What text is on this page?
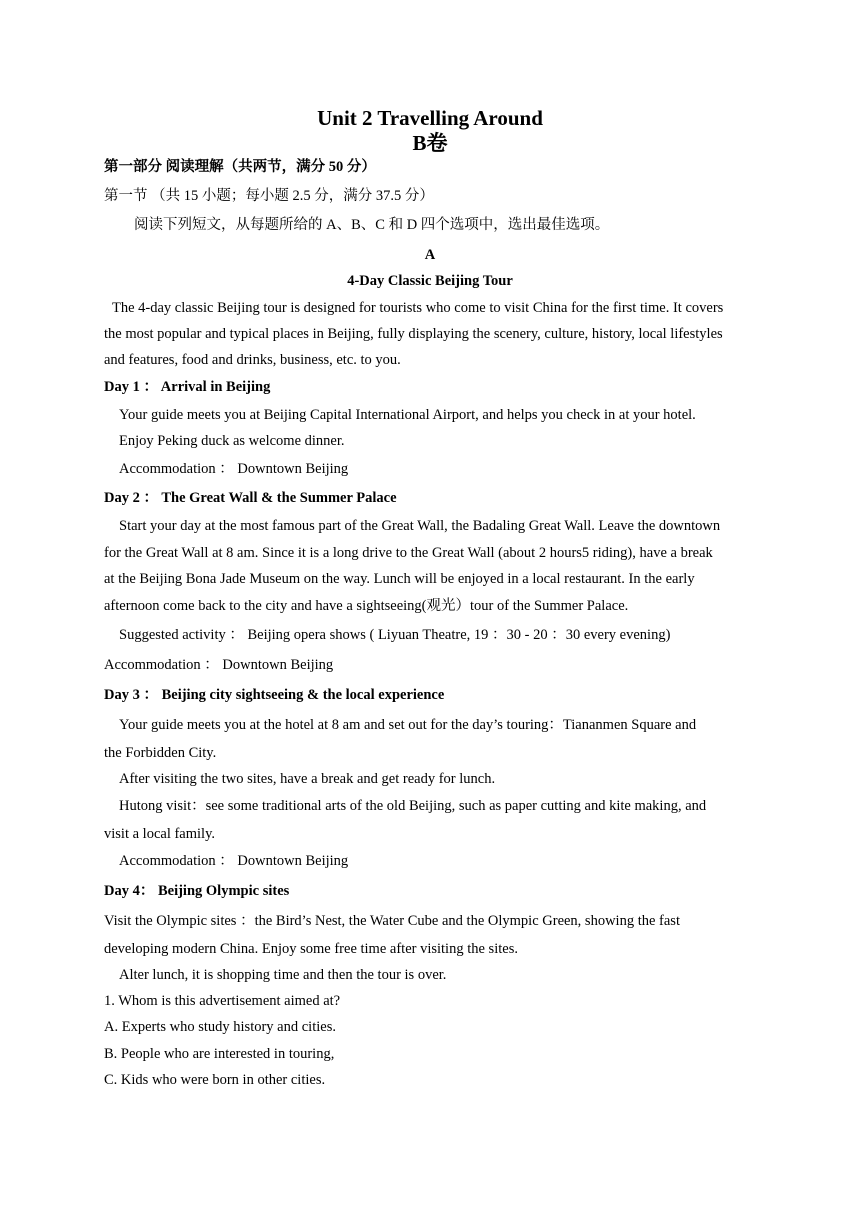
Unit 2 Travelling Around
B卷
第一部分 阅读理解（共两节，满分 50 分）
第一节 （共 15 小题；每小题 2.5 分，满分 37.5 分）
阅读下列短文，从每题所给的 A、B、C 和 D 四个选项中，选出最佳选项。
A
4-Day Classic Beijing Tour
The 4-day classic Beijing tour is designed for tourists who come to visit China for the first time. It covers
the most popular and typical places in Beijing, fully displaying the scenery, culture, history, local lifestyles
and features, food and drinks, business, etc. to you.
Day 1 ： Arrival in Beijing
Your guide meets you at Beijing Capital International Airport, and helps you check in at your hotel.
Enjoy Peking duck as welcome dinner.
Accommodation ： Downtown Beijing
Day 2 ： The Great Wall & the Summer Palace
Start your day at the most famous part of the Great Wall, the Badaling Great Wall. Leave the downtown
for the Great Wall at 8 am. Since it is a long drive to the Great Wall (about 2 hours5 riding), have a break
at the Beijing Bona Jade Museum on the way. Lunch will be enjoyed in a local restaurant. In the early
afternoon come back to the city and have a sightseeing(观光）tour of the Summer Palace.
Suggested activity ： Beijing opera shows ( Liyuan Theatre, 19 ：30 - 20 ：30 every evening)
Accommodation ： Downtown Beijing
Day 3 ： Beijing city sightseeing & the local experience
Your guide meets you at the hotel at 8 am and set out for the day’s touring：Tiananmen Square and
the Forbidden City.
After visiting the two sites, have a break and get ready for lunch.
Hutong visit：see some traditional arts of the old Beijing, such as paper cutting and kite making, and
visit a local family.
Accommodation ： Downtown Beijing
Day 4： Beijing Olympic sites
Visit the Olympic sites ：the Bird’s Nest, the Water Cube and the Olympic Green, showing the fast
developing modern China. Enjoy some free time after visiting the sites.
Alter lunch, it is shopping time and then the tour is over.
1. Whom is this advertisement aimed at?
A. Experts who study history and cities.
B. People who are interested in touring,
C. Kids who were born in other cities.
